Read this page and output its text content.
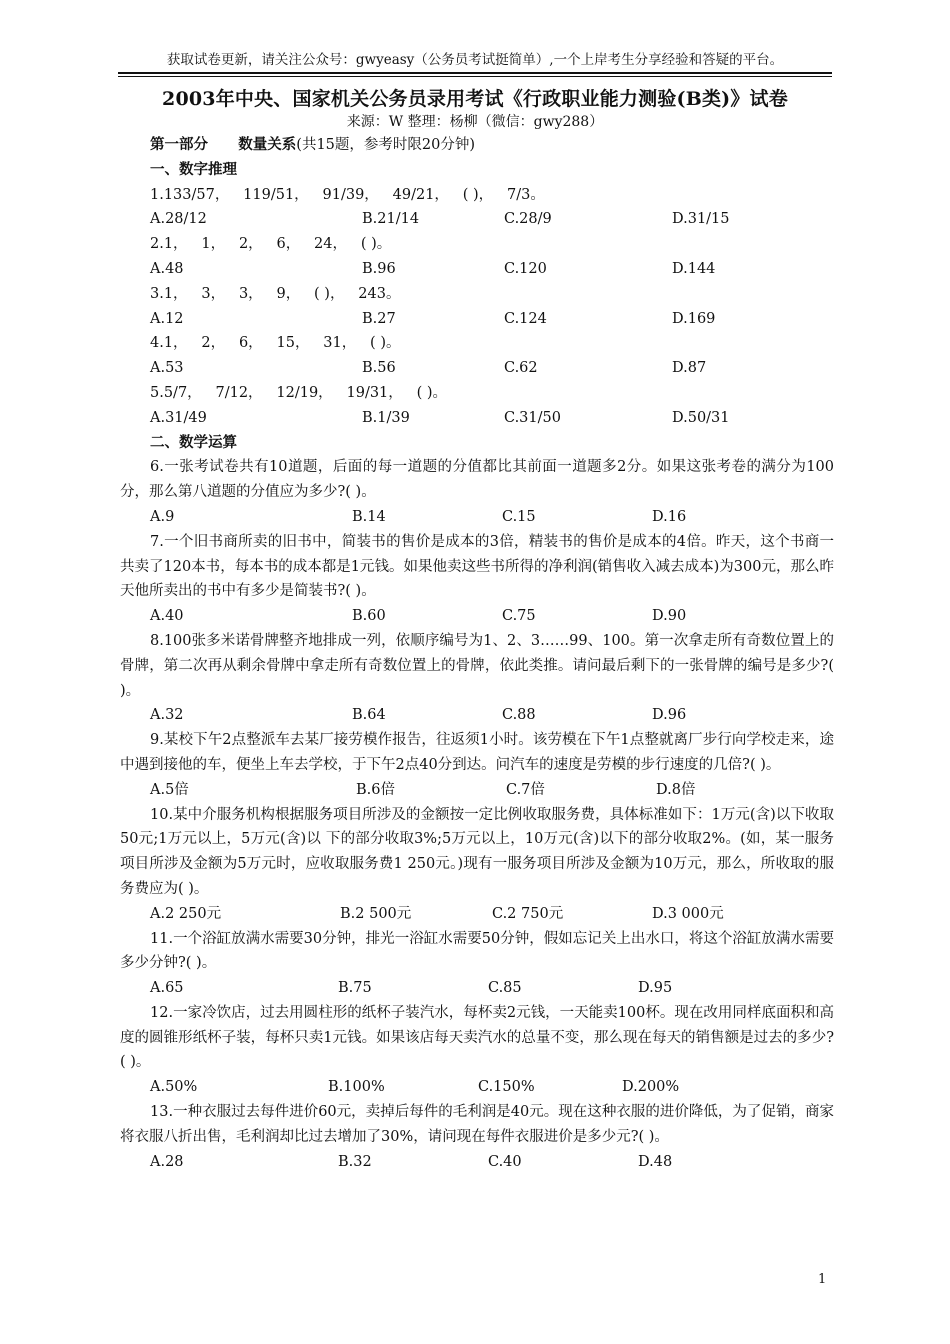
获取试卷更新，请关注公众号：gwyeasy（公务员考试挺简单）,一个上岸考生分享经验和答疑的平台。
2003年中央、国家机关公务员录用考试《行政职业能力测验(B类)》试卷
来源：W 整理：杨柳（微信：gwy288）
第一部分      数量关系(共15题，参考时限20分钟)
一、数字推理
1.133/57，   119/51，   91/39，   49/21，   ( )，   7/3。
A.28/12	B.21/14	C.28/9	D.31/15
2.1，   1，   2，   6，   24，   ( )。
A.48	B.96	C.120	D.144
3.1，   3，   3，   9，   ( )，   243。
A.12	B.27	C.124	D.169
4.1，   2，   6，   15，   31，   ( )。
A.53	B.56	C.62	D.87
5.5/7，   7/12，   12/19，   19/31，   ( )。
A.31/49	B.1/39	C.31/50	D.50/31
二、数学运算
6.一张考试卷共有10道题，后面的每一道题的分值都比其前面一道题多2分。如果这张考卷的满分为100分，那么第八道题的分值应为多少?( )。
A.9	B.14	C.15	D.16
7.一个旧书商所卖的旧书中，简装书的售价是成本的3倍，精装书的售价是成本的4倍。昨天，这个书商一共卖了120本书，每本书的成本都是1元钱。如果他卖这些书所得的净利润(销售收入减去成本)为300元，那么昨天他所卖出的书中有多少是简装书?( )。
A.40	B.60	C.75	D.90
8.100张多米诺骨牌整齐地排成一列，依顺序编号为1、2、3……99、100。第一次拿走所有奇数位置上的骨牌，第二次再从剩余骨牌中拿走所有奇数位置上的骨牌，依此类推。请问最后剩下的一张骨牌的编号是多少?( )。
A.32	B.64	C.88	D.96
9.某校下午2点整派车去某厂接劳模作报告，往返须1小时。该劳模在下午1点整就离厂步行向学校走来，途中遇到接他的车，便坐上车去学校，于下午2点40分到达。问汽车的速度是劳模的步行速度的几倍?( )。
A.5倍	B.6倍	C.7倍	D.8倍
10.某中介服务机构根据服务项目所涉及的金额按一定比例收取服务费，具体标准如下：1万元(含)以下收取50元;1万元以上，5万元(含)以 下的部分收取3%;5万元以上，10万元(含)以下的部分收取2%。(如，某一服务项目所涉及金额为5万元时，应收取服务费1 250元。)现有一服务项目所涉及金额为10万元，那么，所收取的服务费应为( )。
A.2 250元	B.2 500元	C.2 750元	D.3 000元
11.一个浴缸放满水需要30分钟，排光一浴缸水需要50分钟，假如忘记关上出水口，将这个浴缸放满水需要多少分钟?( )。
A.65	B.75	C.85	D.95
12.一家冷饮店，过去用圆柱形的纸杯子装汽水，每杯卖2元钱，一天能卖100杯。现在改用同样底面积和高度的圆锥形纸杯子装，每杯只卖1元钱。如果该店每天卖汽水的总量不变，那么现在每天的销售额是过去的多少?( )。
A.50%	B.100%	C.150%	D.200%
13.一种衣服过去每件进价60元，卖掉后每件的毛利润是40元。现在这种衣服的进价降低，为了促销，商家将衣服八折出售，毛利润却比过去增加了30%，请问现在每件衣服进价是多少元?( )。
A.28	B.32	C.40	D.48
1
